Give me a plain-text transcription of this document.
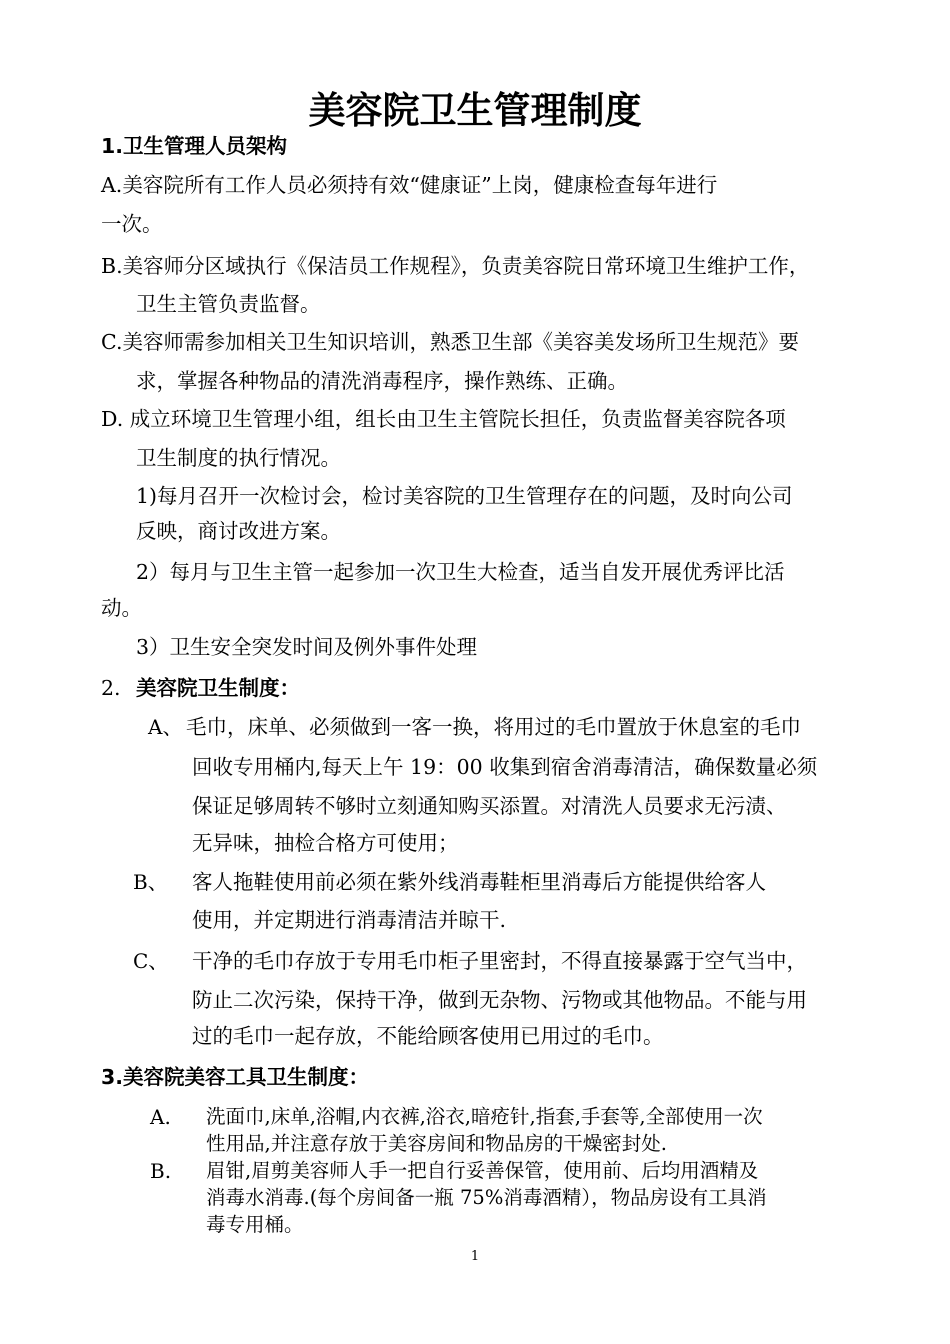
美容院卫生管理制度
1.卫生管理人员架构
A.美容院所有工作人员必须持有效“健康证”上岗，健康检查每年进行
一次。
B.美容师分区域执行《保洁员工作规程》，负责美容院日常环境卫生维护工作，
卫生主管负责监督。
C.美容师需参加相关卫生知识培训，熟悉卫生部《美容美发场所卫生规范》要
求，掌握各种物品的清洗消毒程序，操作熟练、正确。
D. 成立环境卫生管理小组，组长由卫生主管院长担任，负责监督美容院各项
卫生制度的执行情况。
1)每月召开一次检讨会，检讨美容院的卫生管理存在的问题，及时向公司
反映，商讨改进方案。
2）每月与卫生主管一起参加一次卫生大检查，适当自发开展优秀评比活
动。
3）卫生安全突发时间及例外事件处理
2. 美容院卫生制度：
A、 毛巾，床单、必须做到一客一换，将用过的毛巾置放于休息室的毛巾
回收专用桶内,每天上午 19：00 收集到宿舍消毒清洁，确保数量必须
保证足够周转不够时立刻通知购买添置。对清洗人员要求无污渍、
无异味，抽检合格方可使用；
B、 客人拖鞋使用前必须在紫外线消毒鞋柜里消毒后方能提供给客人
使用，并定期进行消毒清洁并晾干.
C、 干净的毛巾存放于专用毛巾柜子里密封，不得直接暴露于空气当中，
防止二次污染，保持干净，做到无杂物、污物或其他物品。不能与用
过的毛巾一起存放，不能给顾客使用已用过的毛巾。
3.美容院美容工具卫生制度：
A. 洗面巾,床单,浴帽,内衣裤,浴衣,暗疮针,指套,手套等,全部使用一次
性用品,并注意存放于美容房间和物品房的干燥密封处.
B. 眉钳,眉剪美容师人手一把自行妥善保管，使用前、后均用酒精及
消毒水消毒.(每个房间备一瓶 75%消毒酒精），物品房设有工具消
毒专用桶。
1
